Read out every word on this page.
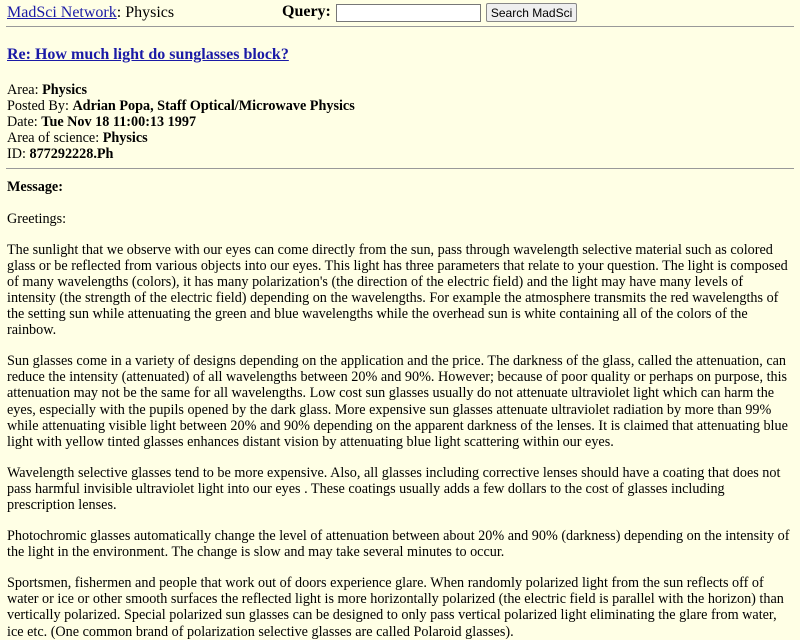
MadSci Network: Physics	Query:	Search MadSci
Re: How much light do sunglasses block?
Area: Physics
Posted By: Adrian Popa, Staff Optical/Microwave Physics
Date: Tue Nov 18 11:00:13 1997
Area of science: Physics
ID: 877292228.Ph
Message:

Greetings:

The sunlight that we observe with our eyes can come directly from the sun, pass through wavelength selective material such as colored glass or be reflected from various objects into our eyes. This light has three parameters that relate to your question. The light is composed of many wavelengths (colors), it has many polarization's (the direction of the electric field) and the light may have many levels of intensity (the strength of the electric field) depending on the wavelengths. For example the atmosphere transmits the red wavelengths of the setting sun while attenuating the green and blue wavelengths while the overhead sun is white containing all of the colors of the rainbow.

Sun glasses come in a variety of designs depending on the application and the price. The darkness of the glass, called the attenuation, can reduce the intensity (attenuated) of all wavelengths between 20% and 90%. However; because of poor quality or perhaps on purpose, this attenuation may not be the same for all wavelengths. Low cost sun glasses usually do not attenuate ultraviolet light which can harm the eyes, especially with the pupils opened by the dark glass. More expensive sun glasses attenuate ultraviolet radiation by more than 99% while attenuating visible light between 20% and 90% depending on the apparent darkness of the lenses. It is claimed that attenuating blue light with yellow tinted glasses enhances distant vision by attenuating blue light scattering within our eyes.

Wavelength selective glasses tend to be more expensive. Also, all glasses including corrective lenses should have a coating that does not pass harmful invisible ultraviolet light into our eyes . These coatings usually adds a few dollars to the cost of glasses including prescription lenses.

Photochromic glasses automatically change the level of attenuation between about 20% and 90% (darkness) depending on the intensity of the light in the environment. The change is slow and may take several minutes to occur.

Sportsmen, fishermen and people that work out of doors experience glare. When randomly polarized light from the sun reflects off of water or ice or other smooth surfaces the reflected light is more horizontally polarized (the electric field is parallel with the horizon) than vertically polarized. Special polarized sun glasses can be designed to only pass vertical polarized light eliminating the glare from water, ice etc. (One common brand of polarization selective glasses are called Polaroid glasses).
